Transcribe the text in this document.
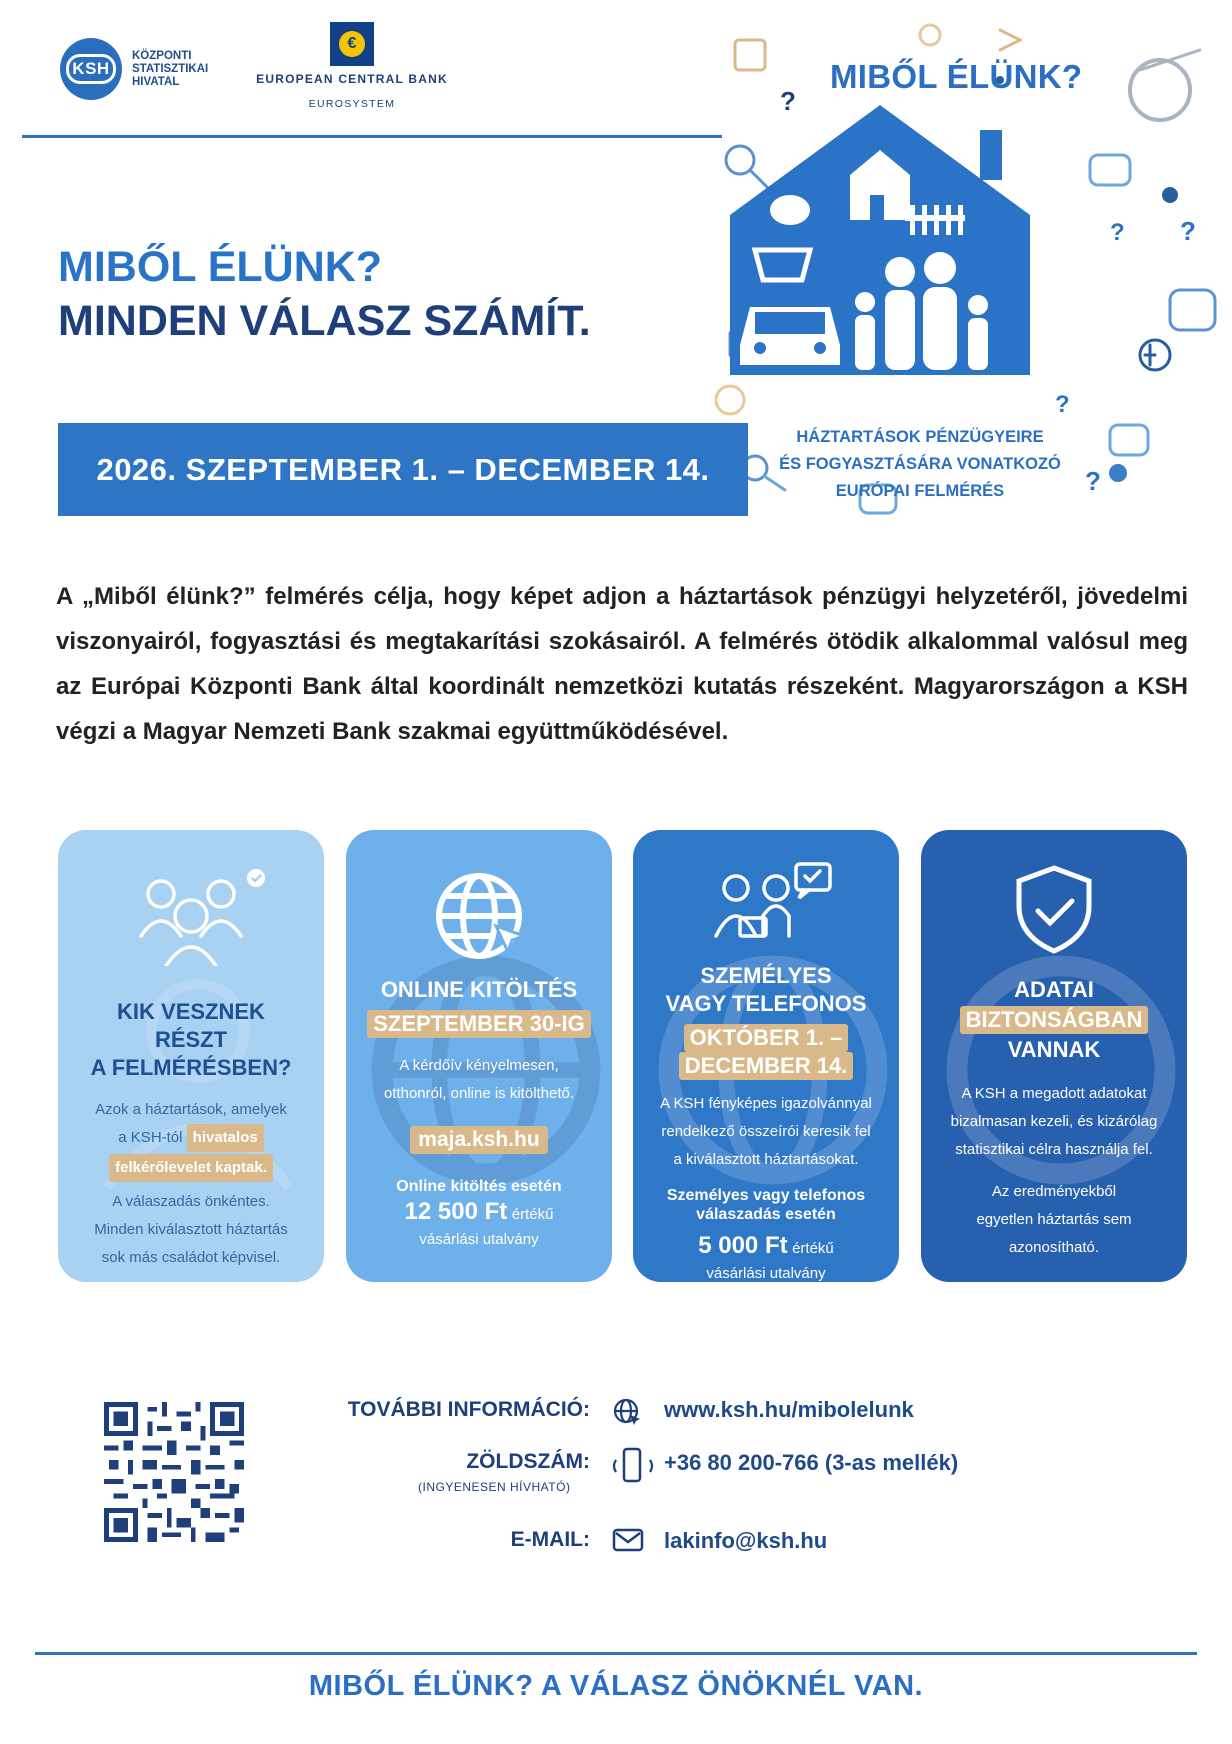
KSH
KÖZPONTI
STATISZTIKAI
HIVATAL
€
EUROPEAN CENTRAL BANK
EUROSYSTEM
?
?
?
?
?
MIBŐL ÉLÜNK?
HÁZTARTÁSOK PÉNZÜGYEIRE
ÉS FOGYASZTÁSÁRA VONATKOZÓ
EURÓPAI FELMÉRÉS
MIBŐL ÉLÜNK?
MINDEN VÁLASZ SZÁMÍT.
2026. SZEPTEMBER 1. – DECEMBER 14.

A „Miből élünk?” felmérés célja, hogy képet adjon a háztartások pénzügyi helyzetéről, jövedelmi viszonyairól, fogyasztási és megtakarítási szokásairól. A felmérés ötödik alkalommal valósul meg az Európai Központi Bank által koordinált nemzetközi kutatás részeként. Magyarországon a KSH végzi a Magyar Nemzeti Bank szakmai együttműködésével.

KIK VESZNEK
RÉSZT
A FELMÉRÉSBEN?
Azok a háztartások, amelyek
a KSH-tól hivatalos
felkérőlevelet kaptak.
A válaszadás önkéntes.
Minden kiválasztott háztartás
sok más családot képvisel.
ONLINE KITÖLTÉS
SZEPTEMBER 30-IG
A kérdőív kényelmesen,
otthonról, online is kitölthető.
maja.ksh.hu
Online kitöltés esetén
12 500 Ft értékű
vásárlási utalvány
SZEMÉLYES
VAGY TELEFONOS
OKTÓBER 1. –
DECEMBER 14.
A KSH fényképes igazolvánnyal
rendelkező összeírói keresik fel
a kiválasztott háztartásokat.
Személyes vagy telefonos
válaszadás esetén
5 000 Ft értékű
vásárlási utalvány
ADATAI
BIZTONSÁGBAN
VANNAK
A KSH a megadott adatokat
bizalmasan kezeli, és kizárólag
statisztikai célra használja fel.
Az eredményekből
egyetlen háztartás sem
azonosítható.
TOVÁBBI INFORMÁCIÓ:	www.ksh.hu/mibolelunk
ZÖLDSZÁM:
(INGYENESEN HÍVHATÓ)
+36 80 200-766 (3-as mellék)
E-MAIL:	lakinfo@ksh.hu
MIBŐL ÉLÜNK? A VÁLASZ ÖNÖKNÉL VAN.
